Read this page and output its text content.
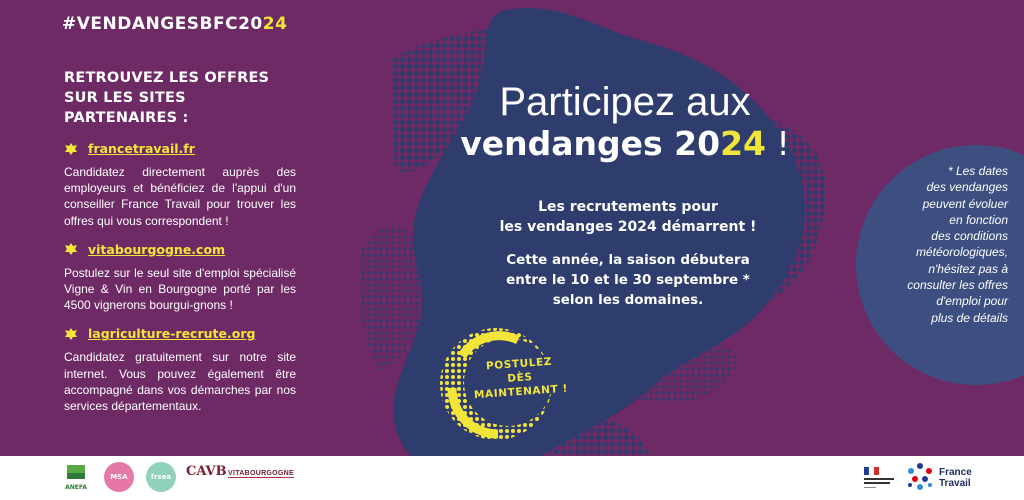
#VENDANGESBFC2024
RETROUVEZ LES OFFRES
SUR LES SITES PARTENAIRES :
francetravail.fr

Candidatez directement auprès des employeurs et bénéficiez de l'appui d'un conseiller France Travail pour trouver les offres qui vous correspondent !

vitabourgogne.com

Postulez sur le seul site d'emploi spécialisé Vigne & Vin en Bourgogne porté par les 4500 vignerons bourgui-gnons !

lagriculture-recrute.org

Candidatez gratuitement sur notre site internet. Vous pouvez également être accompagné dans vos démarches par nos services départementaux.

Participez aux
vendanges 2024 !
Les recrutements pour
les vendanges 2024 démarrent !
Cette année, la saison débutera
entre le 10 et le 30 septembre *
selon les domaines.
POSTULEZ
DÈS MAINTENANT !
* Les dates
des vendanges
peuvent évoluer
en fonction
des conditions
météorologiques,
n'hésitez pas à
consulter les offres
d'emploi pour
plus de détails
ANEFA
MSA	frsea	CAVB VITABOURGOGNE	France
Travail
